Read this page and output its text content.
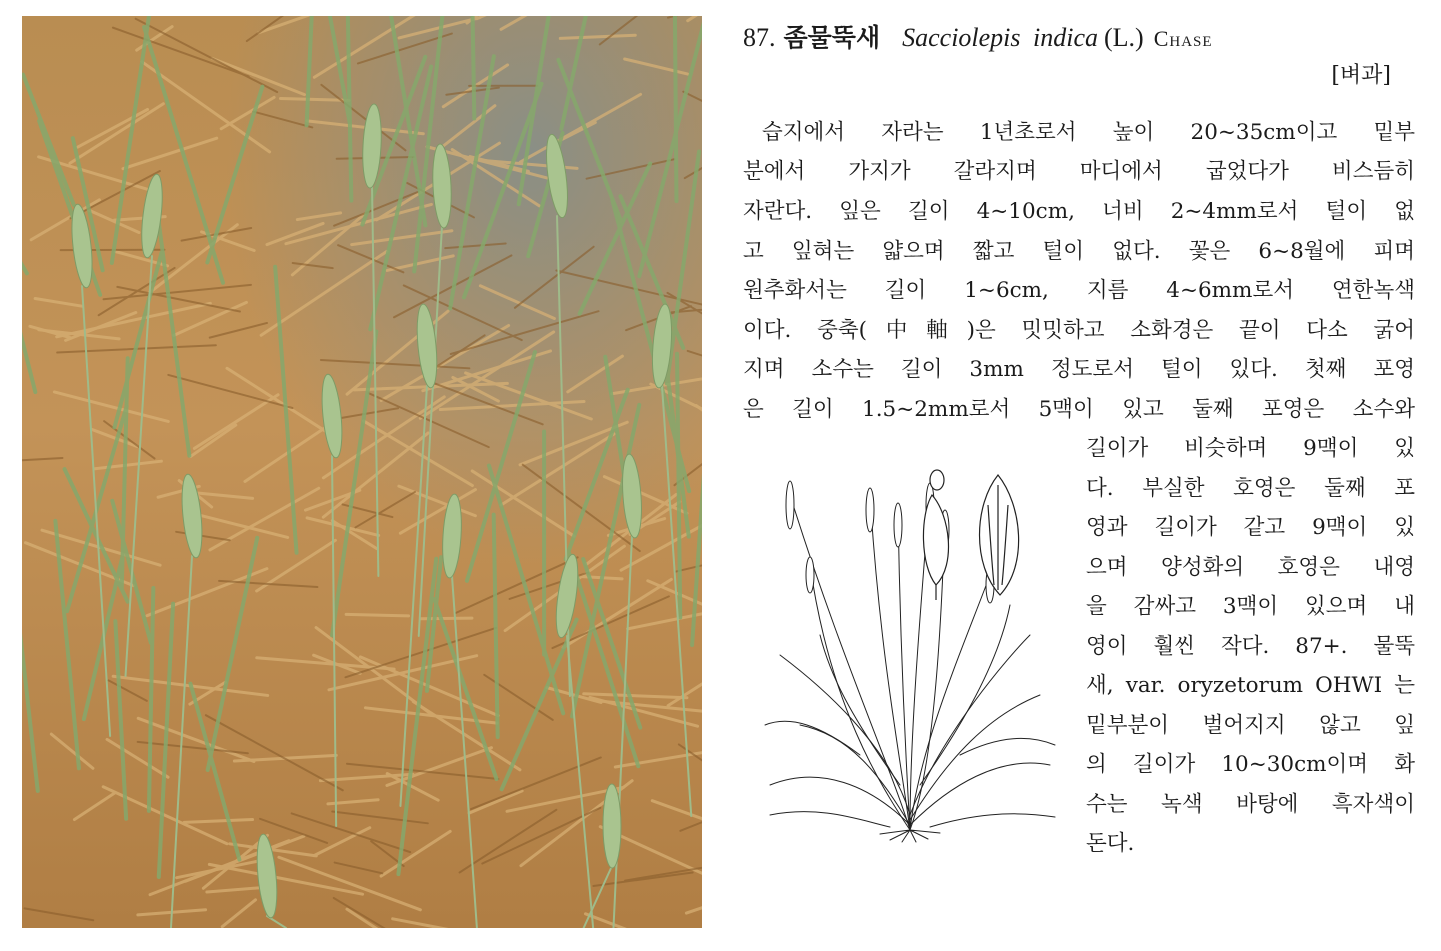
87. 좀물뚝새 Sacciolepis indica (L.) Chase
[벼과]
습지에서 자라는 1년초로서 높이 20~35cm이고 밑부
분에서 가지가 갈라지며 마디에서 굽었다가 비스듬히
자란다. 잎은 길이 4~10cm, 너비 2~4mm로서 털이 없
고 잎혀는 얇으며 짧고 털이 없다. 꽃은 6~8월에 피며
원추화서는 길이 1~6cm, 지름 4~6mm로서 연한녹색
이다. 중축(中軸)은 밋밋하고 소화경은 끝이 다소 굵어
지며 소수는 길이 3mm 정도로서 털이 있다. 첫째 포영
은 길이 1.5~2mm로서 5맥이 있고 둘째 포영은 소수와
길이가 비슷하며 9맥이 있
다. 부실한 호영은 둘째 포
영과 길이가 같고 9맥이 있
으며 양성화의 호영은 내영
을 감싸고 3맥이 있으며 내
영이 훨씬 작다. 87+. 물뚝
새, var. oryzetorum OHWI 는
밑부분이 벌어지지 않고 잎
의 길이가 10~30cm이며 화
수는 녹색 바탕에 흑자색이
돈다.
